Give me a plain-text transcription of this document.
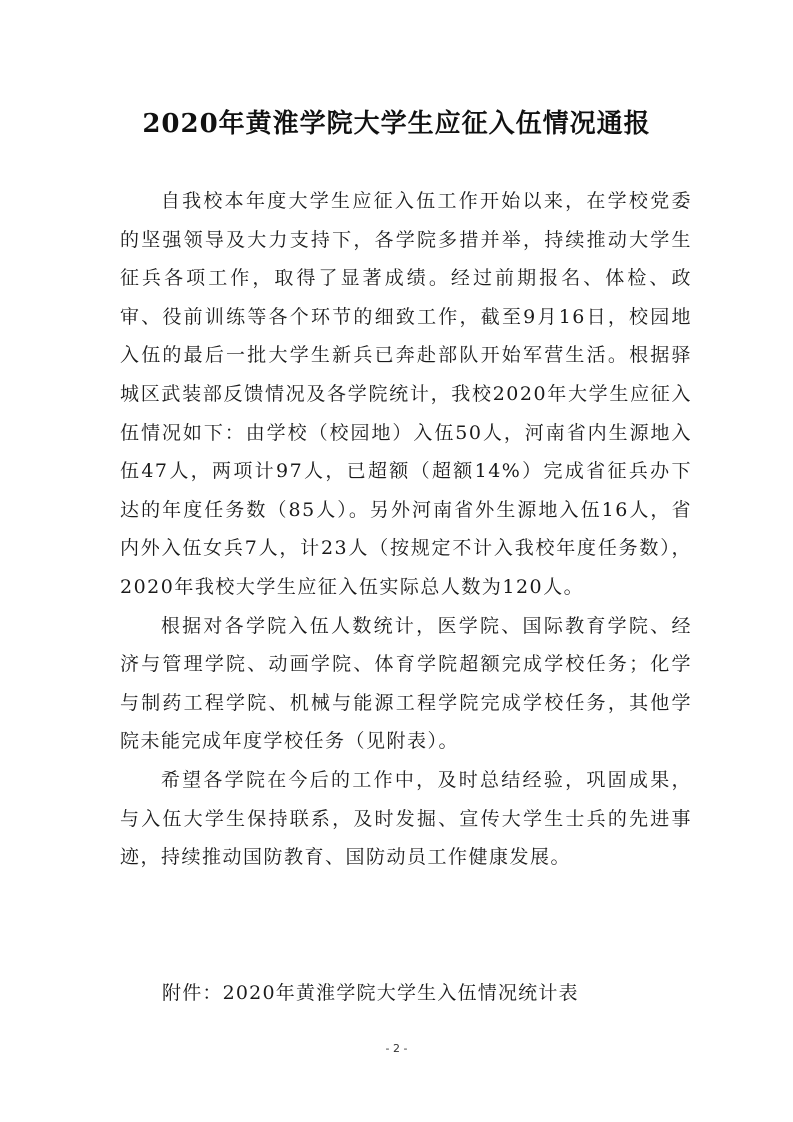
2020年黄淮学院大学生应征入伍情况通报

自我校本年度大学生应征入伍工作开始以来，在学校党委的坚强领导及大力支持下，各学院多措并举，持续推动大学生征兵各项工作，取得了显著成绩。经过前期报名、体检、政审、役前训练等各个环节的细致工作，截至9月16日，校园地入伍的最后一批大学生新兵已奔赴部队开始军营生活。根据驿城区武装部反馈情况及各学院统计，我校2020年大学生应征入伍情况如下：由学校（校园地）入伍50人，河南省内生源地入伍47人，两项计97人，已超额（超额14%）完成省征兵办下达的年度任务数（85人）。另外河南省外生源地入伍16人，省内外入伍女兵7人，计23人（按规定不计入我校年度任务数），2020年我校大学生应征入伍实际总人数为120人。

根据对各学院入伍人数统计，医学院、国际教育学院、经济与管理学院、动画学院、体育学院超额完成学校任务；化学与制药工程学院、机械与能源工程学院完成学校任务，其他学院未能完成年度学校任务（见附表）。

希望各学院在今后的工作中，及时总结经验，巩固成果，与入伍大学生保持联系，及时发掘、宣传大学生士兵的先进事迹，持续推动国防教育、国防动员工作健康发展。

附件：2020年黄淮学院大学生入伍情况统计表
- 2 -
